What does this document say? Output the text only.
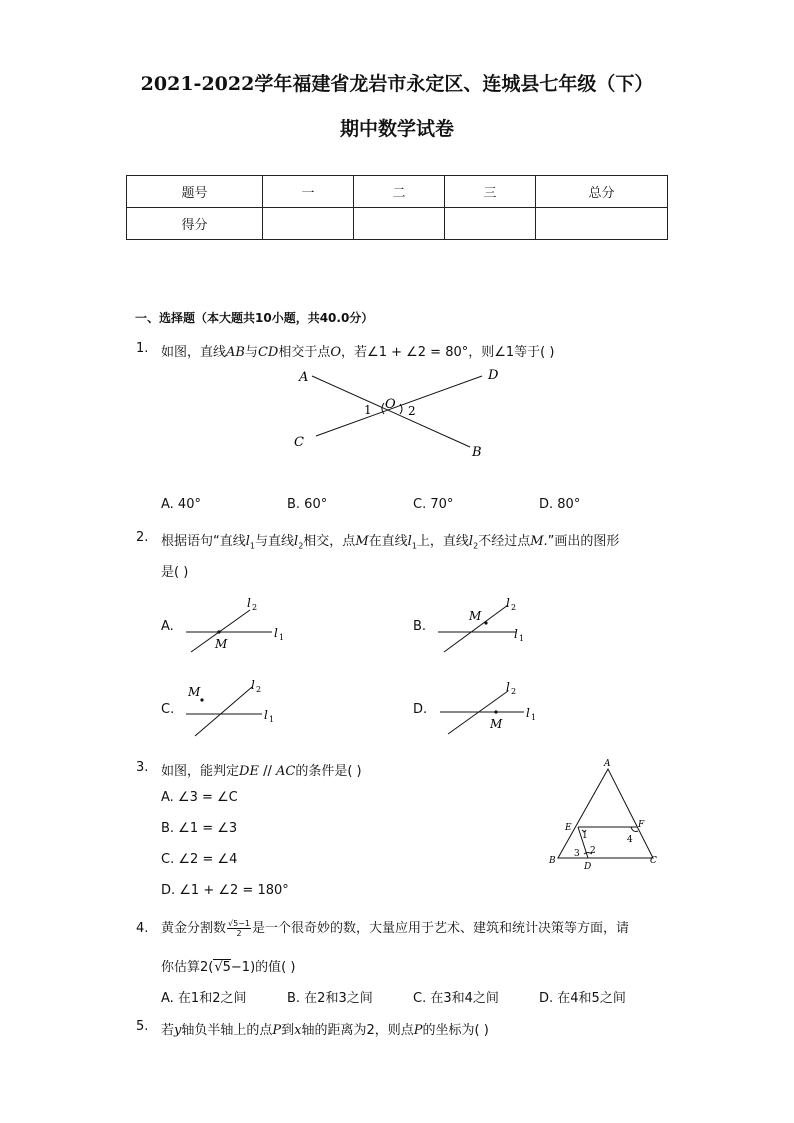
2021-2022学年福建省龙岩市永定区、连城县七年级（下）
期中数学试卷
题号	一	二	三	总分
得分				
一、选择题（本大题共10小题，共40.0分）
1. 如图，直线AB与CD相交于点O，若∠1 + ∠2 = 80°，则∠1等于( )
A
B
C
D
O
1	2
A. 40°	B. 60°	C. 70°	D. 80°
2. 根据语句“直线$l_1$与直线$l_2$相交，点M在直线$l_1$上，直线$l_2$不经过点M.”画出的图形
是( )
A.
M
l 1
l 2
B.
M
l 1
l 2
C.
M
l 1
l 2
D.
M
l 1
l 2
3. 如图，能判定DE // AC的条件是( )
A. ∠3 = ∠C
B. ∠1 = ∠3
C. ∠2 = ∠4
D. ∠1 + ∠2 = 180°
A
B	C
D
E	F
1
2
3
4
4. 黄金分割数 $\frac{√5-1}{2}$ 是一个很奇妙的数，大量应用于艺术、建筑和统计决策等方面，请
你估算2(√5−1)的值( )
A. 在1和2之间	B. 在2和3之间	C. 在3和4之间	D. 在4和5之间
5. 若y轴负半轴上的点P到x轴的距离为2，则点P的坐标为( )
